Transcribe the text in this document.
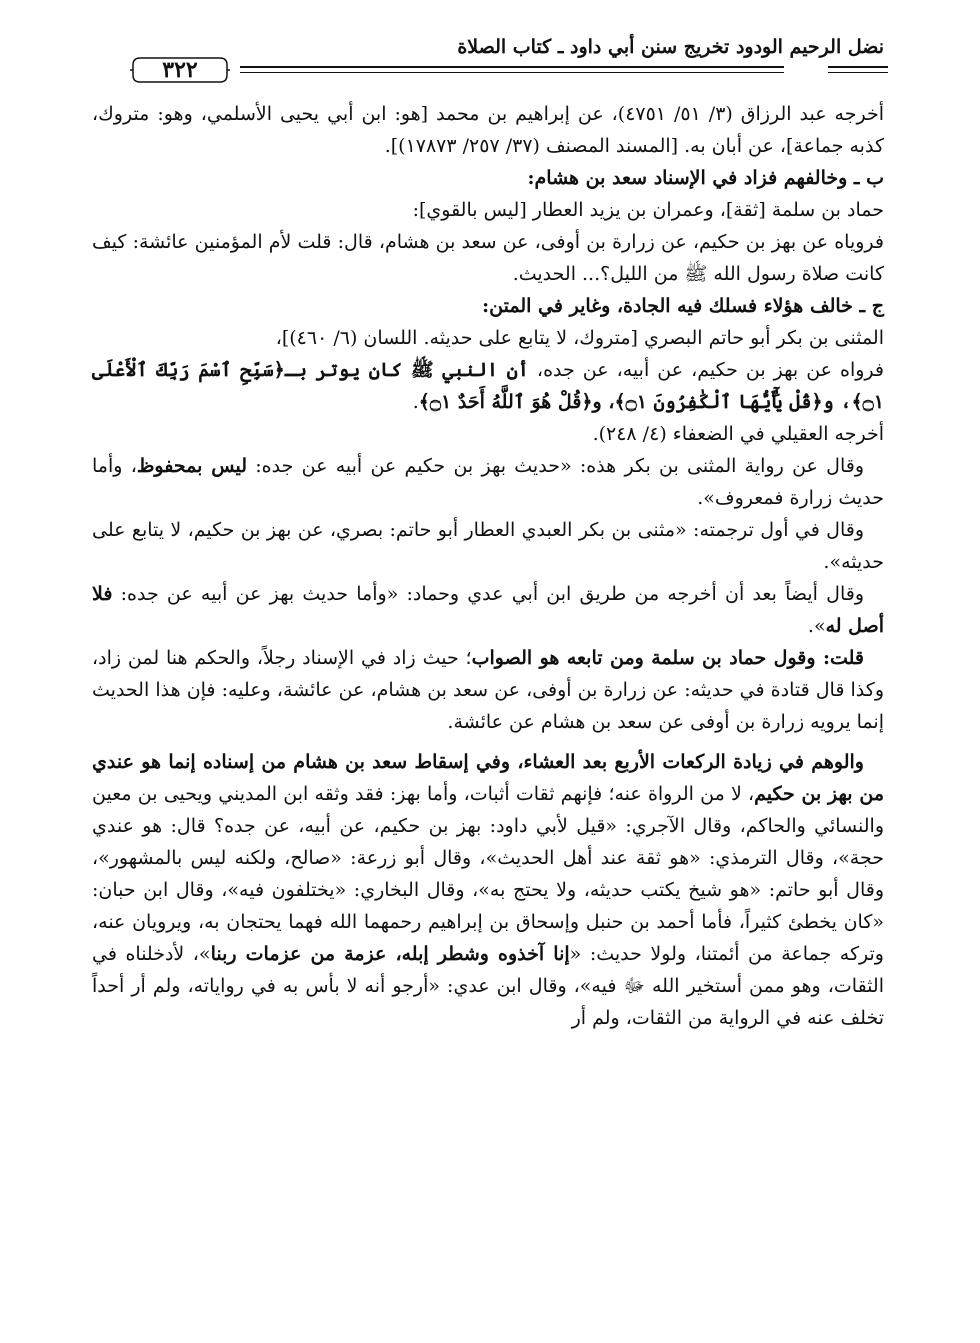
نضل الرحيم الودود تخريج سنن أبي داود ـ كتاب الصلاة
٣٢٢

أخرجه عبد الرزاق (٣/ ٥١/ ٤٧٥١)، عن إبراهيم بن محمد [هو: ابن أبي يحيى الأسلمي، وهو: متروك، كذبه جماعة]، عن أبان به. [المسند المصنف (٣٧/ ٢٥٧/ ١٧٨٧٣)].

ب ـ وخالفهم فزاد في الإسناد سعد بن هشام:

حماد بن سلمة [ثقة]، وعمران بن يزيد العطار [ليس بالقوي]:

فروياه عن بهز بن حكيم، عن زرارة بن أوفى، عن سعد بن هشام، قال: قلت لأم المؤمنين عائشة: كيف كانت صلاة رسول الله ﷺ من الليل؟... الحديث.

ج ـ خالف هؤلاء فسلك فيه الجادة، وغاير في المتن:

المثنى بن بكر أبو حاتم البصري [متروك، لا يتابع على حديثه. اللسان (٦/ ٤٦٠)]،

فرواه عن بهز بن حكيم، عن أبيه، عن جده، أن النبي ﷺ كان يوتر بـ﴿سَبِّحِ ٱسْمَ رَبِّكَ ٱلْأَعْلَى ۝١﴾، و﴿قُلْ يَٰٓأَيُّهَا ٱلْكَٰفِرُونَ ۝١﴾، و﴿قُلْ هُوَ ٱللَّهُ أَحَدٌ ۝١﴾.

أخرجه العقيلي في الضعفاء (٤/ ٢٤٨).

وقال عن رواية المثنى بن بكر هذه: «حديث بهز بن حكيم عن أبيه عن جده: ليس بمحفوظ، وأما حديث زرارة فمعروف».

وقال في أول ترجمته: «مثنى بن بكر العبدي العطار أبو حاتم: بصري، عن بهز بن حكيم، لا يتابع على حديثه».

وقال أيضاً بعد أن أخرجه من طريق ابن أبي عدي وحماد: «وأما حديث بهز عن أبيه عن جده: فلا أصل له».

قلت: وقول حماد بن سلمة ومن تابعه هو الصواب؛ حيث زاد في الإسناد رجلاً، والحكم هنا لمن زاد، وكذا قال قتادة في حديثه: عن زرارة بن أوفى، عن سعد بن هشام، عن عائشة، وعليه: فإن هذا الحديث إنما يرويه زرارة بن أوفى عن سعد بن هشام عن عائشة.

والوهم في زيادة الركعات الأربع بعد العشاء، وفي إسقاط سعد بن هشام من إسناده إنما هو عندي من بهز بن حكيم، لا من الرواة عنه؛ فإنهم ثقات أثبات، وأما بهز: فقد وثقه ابن المديني ويحيى بن معين والنسائي والحاكم، وقال الآجري: «قيل لأبي داود: بهز بن حكيم، عن أبيه، عن جده؟ قال: هو عندي حجة»، وقال الترمذي: «هو ثقة عند أهل الحديث»، وقال أبو زرعة: «صالح، ولكنه ليس بالمشهور»، وقال أبو حاتم: «هو شيخ يكتب حديثه، ولا يحتج به»، وقال البخاري: «يختلفون فيه»، وقال ابن حبان: «كان يخطئ كثيراً، فأما أحمد بن حنبل وإسحاق بن إبراهيم رحمهما الله فهما يحتجان به، ويرويان عنه، وتركه جماعة من أئمتنا، ولولا حديث: «إنا آخذوه وشطر إبله، عزمة من عزمات ربنا»، لأدخلناه في الثقات، وهو ممن أستخير الله ﷻ فيه»، وقال ابن عدي: «أرجو أنه لا بأس به في رواياته، ولم أر أحداً تخلف عنه في الرواية من الثقات، ولم أر
